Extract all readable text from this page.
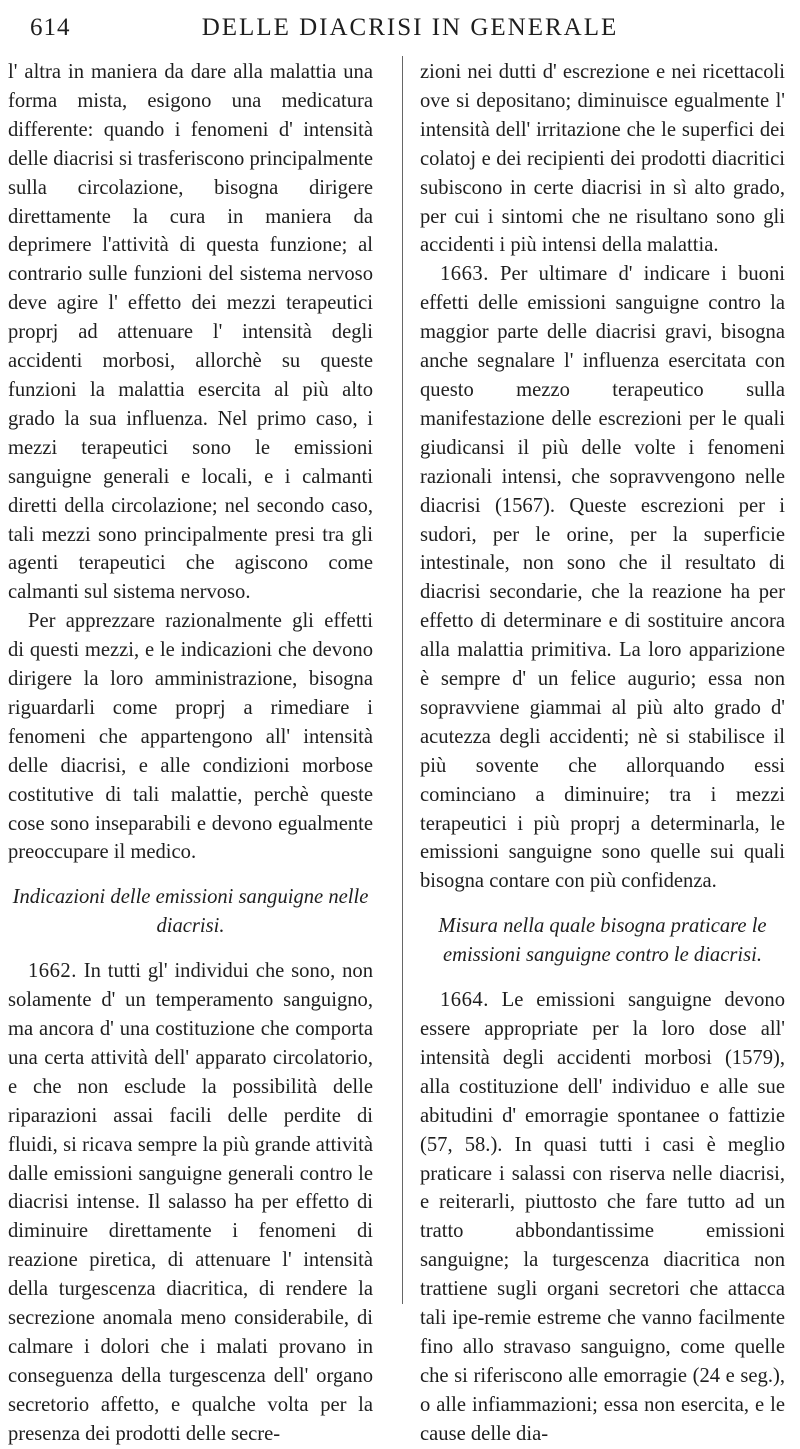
614	DELLE DIACRISI IN GENERALE

l' altra in maniera da dare alla malattia una forma mista, esigono una medicatura differente: quando i fenomeni d' intensità delle diacrisi si trasferiscono principalmente sulla circolazione, bisogna dirigere direttamente la cura in maniera da deprimere l'attività di questa funzione; al contrario sulle funzioni del sistema nervoso deve agire l' effetto dei mezzi terapeutici proprj ad attenuare l' intensità degli accidenti morbosi, allorchè su queste funzioni la malattia esercita al più alto grado la sua influenza. Nel primo caso, i mezzi terapeutici sono le emissioni sanguigne generali e locali, e i calmanti diretti della circolazione; nel secondo caso, tali mezzi sono principalmente presi tra gli agenti terapeutici che agiscono come calmanti sul sistema nervoso.

Per apprezzare razionalmente gli effetti di questi mezzi, e le indicazioni che devono dirigere la loro amministrazione, bisogna riguardarli come proprj a rimediare i fenomeni che appartengono all' intensità delle diacrisi, e alle condizioni morbose costitutive di tali malattie, perchè queste cose sono inseparabili e devono egualmente preoccupare il medico.

Indicazioni delle emissioni sanguigne nelle diacrisi.

1662. In tutti gl' individui che sono, non solamente d' un temperamento sanguigno, ma ancora d' una costituzione che comporta una certa attività dell' apparato circolatorio, e che non esclude la possibilità delle riparazioni assai facili delle perdite di fluidi, si ricava sempre la più grande attività dalle emissioni sanguigne generali contro le diacrisi intense. Il salasso ha per effetto di diminuire direttamente i fenomeni di reazione piretica, di attenuare l' intensità della turgescenza diacritica, di rendere la secrezione anomala meno considerabile, di calmare i dolori che i malati provano in conseguenza della turgescenza dell' organo secretorio affetto, e qualche volta per la presenza dei prodotti delle secre-

zioni nei dutti d' escrezione e nei ricettacoli ove si depositano; diminuisce egualmente l' intensità dell' irritazione che le superfici dei colatoj e dei recipienti dei prodotti diacritici subiscono in certe diacrisi in sì alto grado, per cui i sintomi che ne risultano sono gli accidenti i più intensi della malattia.

1663. Per ultimare d' indicare i buoni effetti delle emissioni sanguigne contro la maggior parte delle diacrisi gravi, bisogna anche segnalare l' influenza esercitata con questo mezzo terapeutico sulla manifestazione delle escrezioni per le quali giudicansi il più delle volte i fenomeni razionali intensi, che sopravvengono nelle diacrisi (1567). Queste escrezioni per i sudori, per le orine, per la superficie intestinale, non sono che il resultato di diacrisi secondarie, che la reazione ha per effetto di determinare e di sostituire ancora alla malattia primitiva. La loro apparizione è sempre d' un felice augurio; essa non sopravviene giammai al più alto grado d' acutezza degli accidenti; nè si stabilisce il più sovente che allorquando essi cominciano a diminuire; tra i mezzi terapeutici i più proprj a determinarla, le emissioni sanguigne sono quelle sui quali bisogna contare con più confidenza.

Misura nella quale bisogna praticare le emissioni sanguigne contro le diacrisi.

1664. Le emissioni sanguigne devono essere appropriate per la loro dose all' intensità degli accidenti morbosi (1579), alla costituzione dell' individuo e alle sue abitudini d' emorragie spontanee o fattizie (57, 58.). In quasi tutti i casi è meglio praticare i salassi con riserva nelle diacrisi, e reiterarli, piuttosto che fare tutto ad un tratto abbondantissime emissioni sanguigne; la turgescenza diacritica non trattiene sugli organi secretori che attacca tali ipe-remie estreme che vanno facilmente fino allo stravaso sanguigno, come quelle che si riferiscono alle emorragie (24 e seg.), o alle infiammazioni; essa non esercita, e le cause delle dia-
